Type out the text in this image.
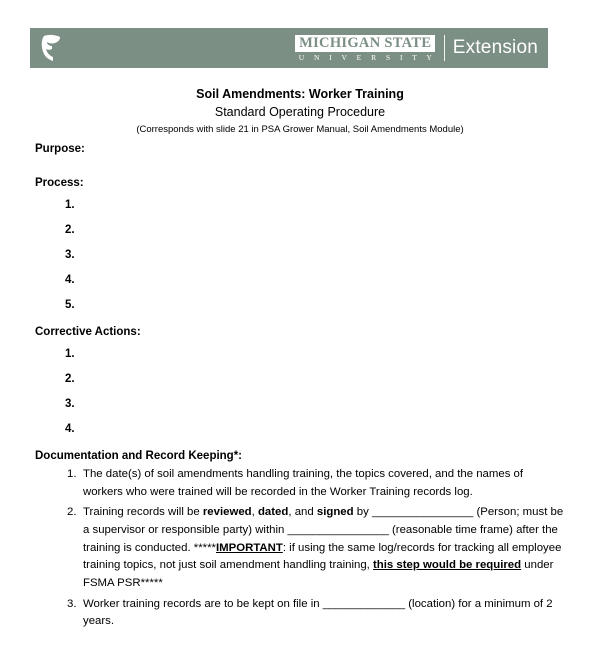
MICHIGAN STATE
U N I V E R S I T Y Extension
Soil Amendments: Worker Training
Standard Operating Procedure
(Corresponds with slide 21 in PSA Grower Manual, Soil Amendments Module)
Purpose:
Process:
1.
2.
3.
4.
5.
Corrective Actions:
1.
2.
3.
4.
Documentation and Record Keeping*:
The date(s) of soil amendments handling training, the topics covered, and the names of workers who were trained will be recorded in the Worker Training records log.
Training records will be reviewed, dated, and signed by ________________ (Person; must be a supervisor or responsible party) within ________________ (reasonable time frame) after the training is conducted. *****IMPORTANT: if using the same log/records for tracking all employee training topics, not just soil amendment handling training, this step would be required under FSMA PSR*****
Worker training records are to be kept on file in _____________ (location) for a minimum of 2 years.
